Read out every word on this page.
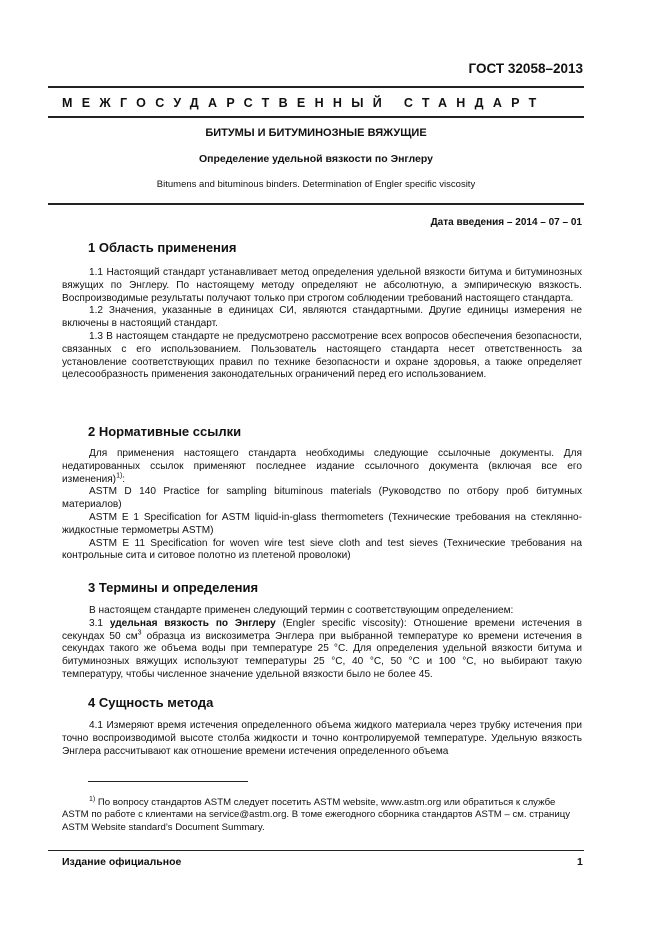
ГОСТ 32058–2013
МЕЖГОСУДАРСТВЕННЫЙ СТАНДАРТ
БИТУМЫ И БИТУМИНОЗНЫЕ ВЯЖУЩИЕ
Определение удельной вязкости по Энглеру
Bitumens and bituminous binders. Determination of Engler specific viscosity
Дата введения – 2014 – 07 – 01
1 Область применения

1.1 Настоящий стандарт устанавливает метод определения удельной вязкости битума и битуминозных вяжущих по Энглеру. По настоящему методу определяют не абсолютную, а эмпирическую вязкость. Воспроизводимые результаты получают только при строгом соблюдении требований настоящего стандарта.

1.2 Значения, указанные в единицах СИ, являются стандартными. Другие единицы измерения не включены в настоящий стандарт.

1.3 В настоящем стандарте не предусмотрено рассмотрение всех вопросов обеспечения безопасности, связанных с его использованием. Пользователь настоящего стандарта несет ответственность за установление соответствующих правил по технике безопасности и охране здоровья, а также определяет целесообразность применения законодательных ограничений перед его использованием.

2 Нормативные ссылки

Для применения настоящего стандарта необходимы следующие ссылочные документы. Для недатированных ссылок применяют последнее издание ссылочного документа (включая все его изменения)$^{1)}$:

ASTM D 140 Practice for sampling bituminous materials (Руководство по отбору проб битумных материалов)

ASTM E 1 Specification for ASTM liquid-in-glass thermometers (Технические требования на стеклянно-жидкостные термометры ASTM)

ASTM E 11 Specification for woven wire test sieve cloth and test sieves (Технические требования на контрольные сита и ситовое полотно из плетеной проволоки)

3 Термины и определения

В настоящем стандарте применен следующий термин с соответствующим определением:

3.1 удельная вязкость по Энглеру (Engler specific viscosity): Отношение времени истечения в секундах 50 $см^3$ образца из вискозиметра Энглера при выбранной температуре ко времени истечения в секундах такого же объема воды при температуре 25 °С. Для определения удельной вязкости битума и битуминозных вяжущих используют температуры 25 °С, 40 °С, 50 °С и 100 °С, но выбирают такую температуру, чтобы численное значение удельной вязкости было не более 45.

4 Сущность метода

4.1 Измеряют время истечения определенного объема жидкого материала через трубку истечения при точно воспроизводимой высоте столба жидкости и точно контролируемой температуре. Удельную вязкость Энглера рассчитывают как отношение времени истечения определенного объема

$^{1)}$ По вопросу стандартов ASTM следует посетить ASTM website, www.astm.org или обратиться к службе ASTM по работе с клиентами на service@astm.org. В томе ежегодного сборника стандартов ASTM – см. страницу ASTM Website standard’s Document Summary.

Издание официальное	1
